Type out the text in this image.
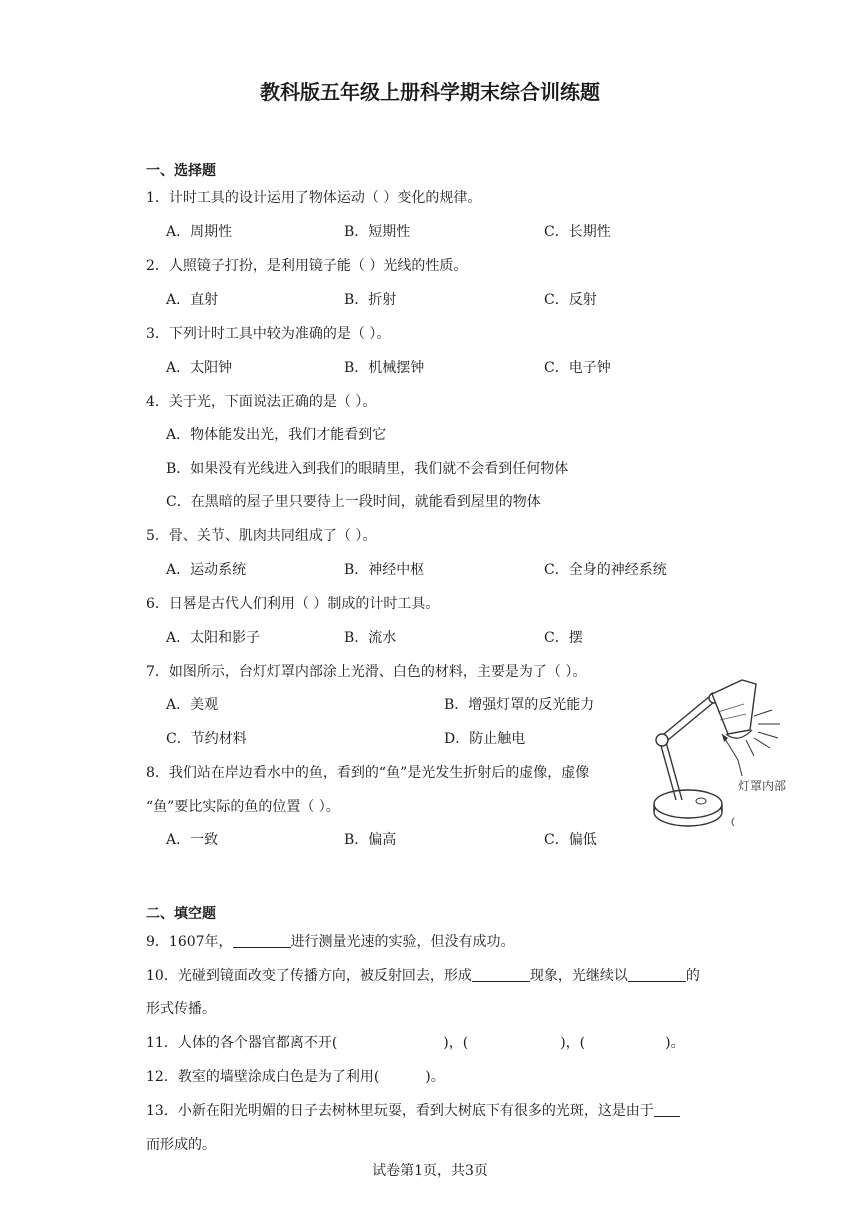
教科版五年级上册科学期末综合训练题
一、选择题
1．计时工具的设计运用了物体运动（ ）变化的规律。
A．周期性	B．短期性	C．长期性
2．人照镜子打扮，是利用镜子能（ ）光线的性质。
A．直射	B．折射	C．反射
3．下列计时工具中较为准确的是（ ）。
A．太阳钟	B．机械摆钟	C．电子钟
4．关于光，下面说法正确的是（ ）。
A．物体能发出光，我们才能看到它
B．如果没有光线进入到我们的眼睛里，我们就不会看到任何物体
C．在黑暗的屋子里只要待上一段时间，就能看到屋里的物体
5．骨、关节、肌肉共同组成了（ ）。
A．运动系统	B．神经中枢	C．全身的神经系统
6．日晷是古代人们利用（ ）制成的计时工具。
A．太阳和影子	B．流水	C．摆
7．如图所示，台灯灯罩内部涂上光滑、白色的材料，主要是为了（ ）。
A．美观	B．增强灯罩的反光能力
C．节约材料	D．防止触电
灯罩内部
8．我们站在岸边看水中的鱼，看到的“鱼”是光发生折射后的虚像，虚像
“鱼”要比实际的鱼的位置（ ）。
A．一致	B．偏高	C．偏低
二、填空题
9．1607年，	进行测量光速的实验，但没有成功。
10．光碰到镜面改变了传播方向，被反射回去，形成	现象，光继续以	的
形式传播。
11．人体的各个器官都离不开(	)，(	)，(	)。
12．教室的墙壁涂成白色是为了利用(	)。
13．小新在阳光明媚的日子去树林里玩耍，看到大树底下有很多的光斑，这是由于
而形成的。
试卷第1页，共3页
